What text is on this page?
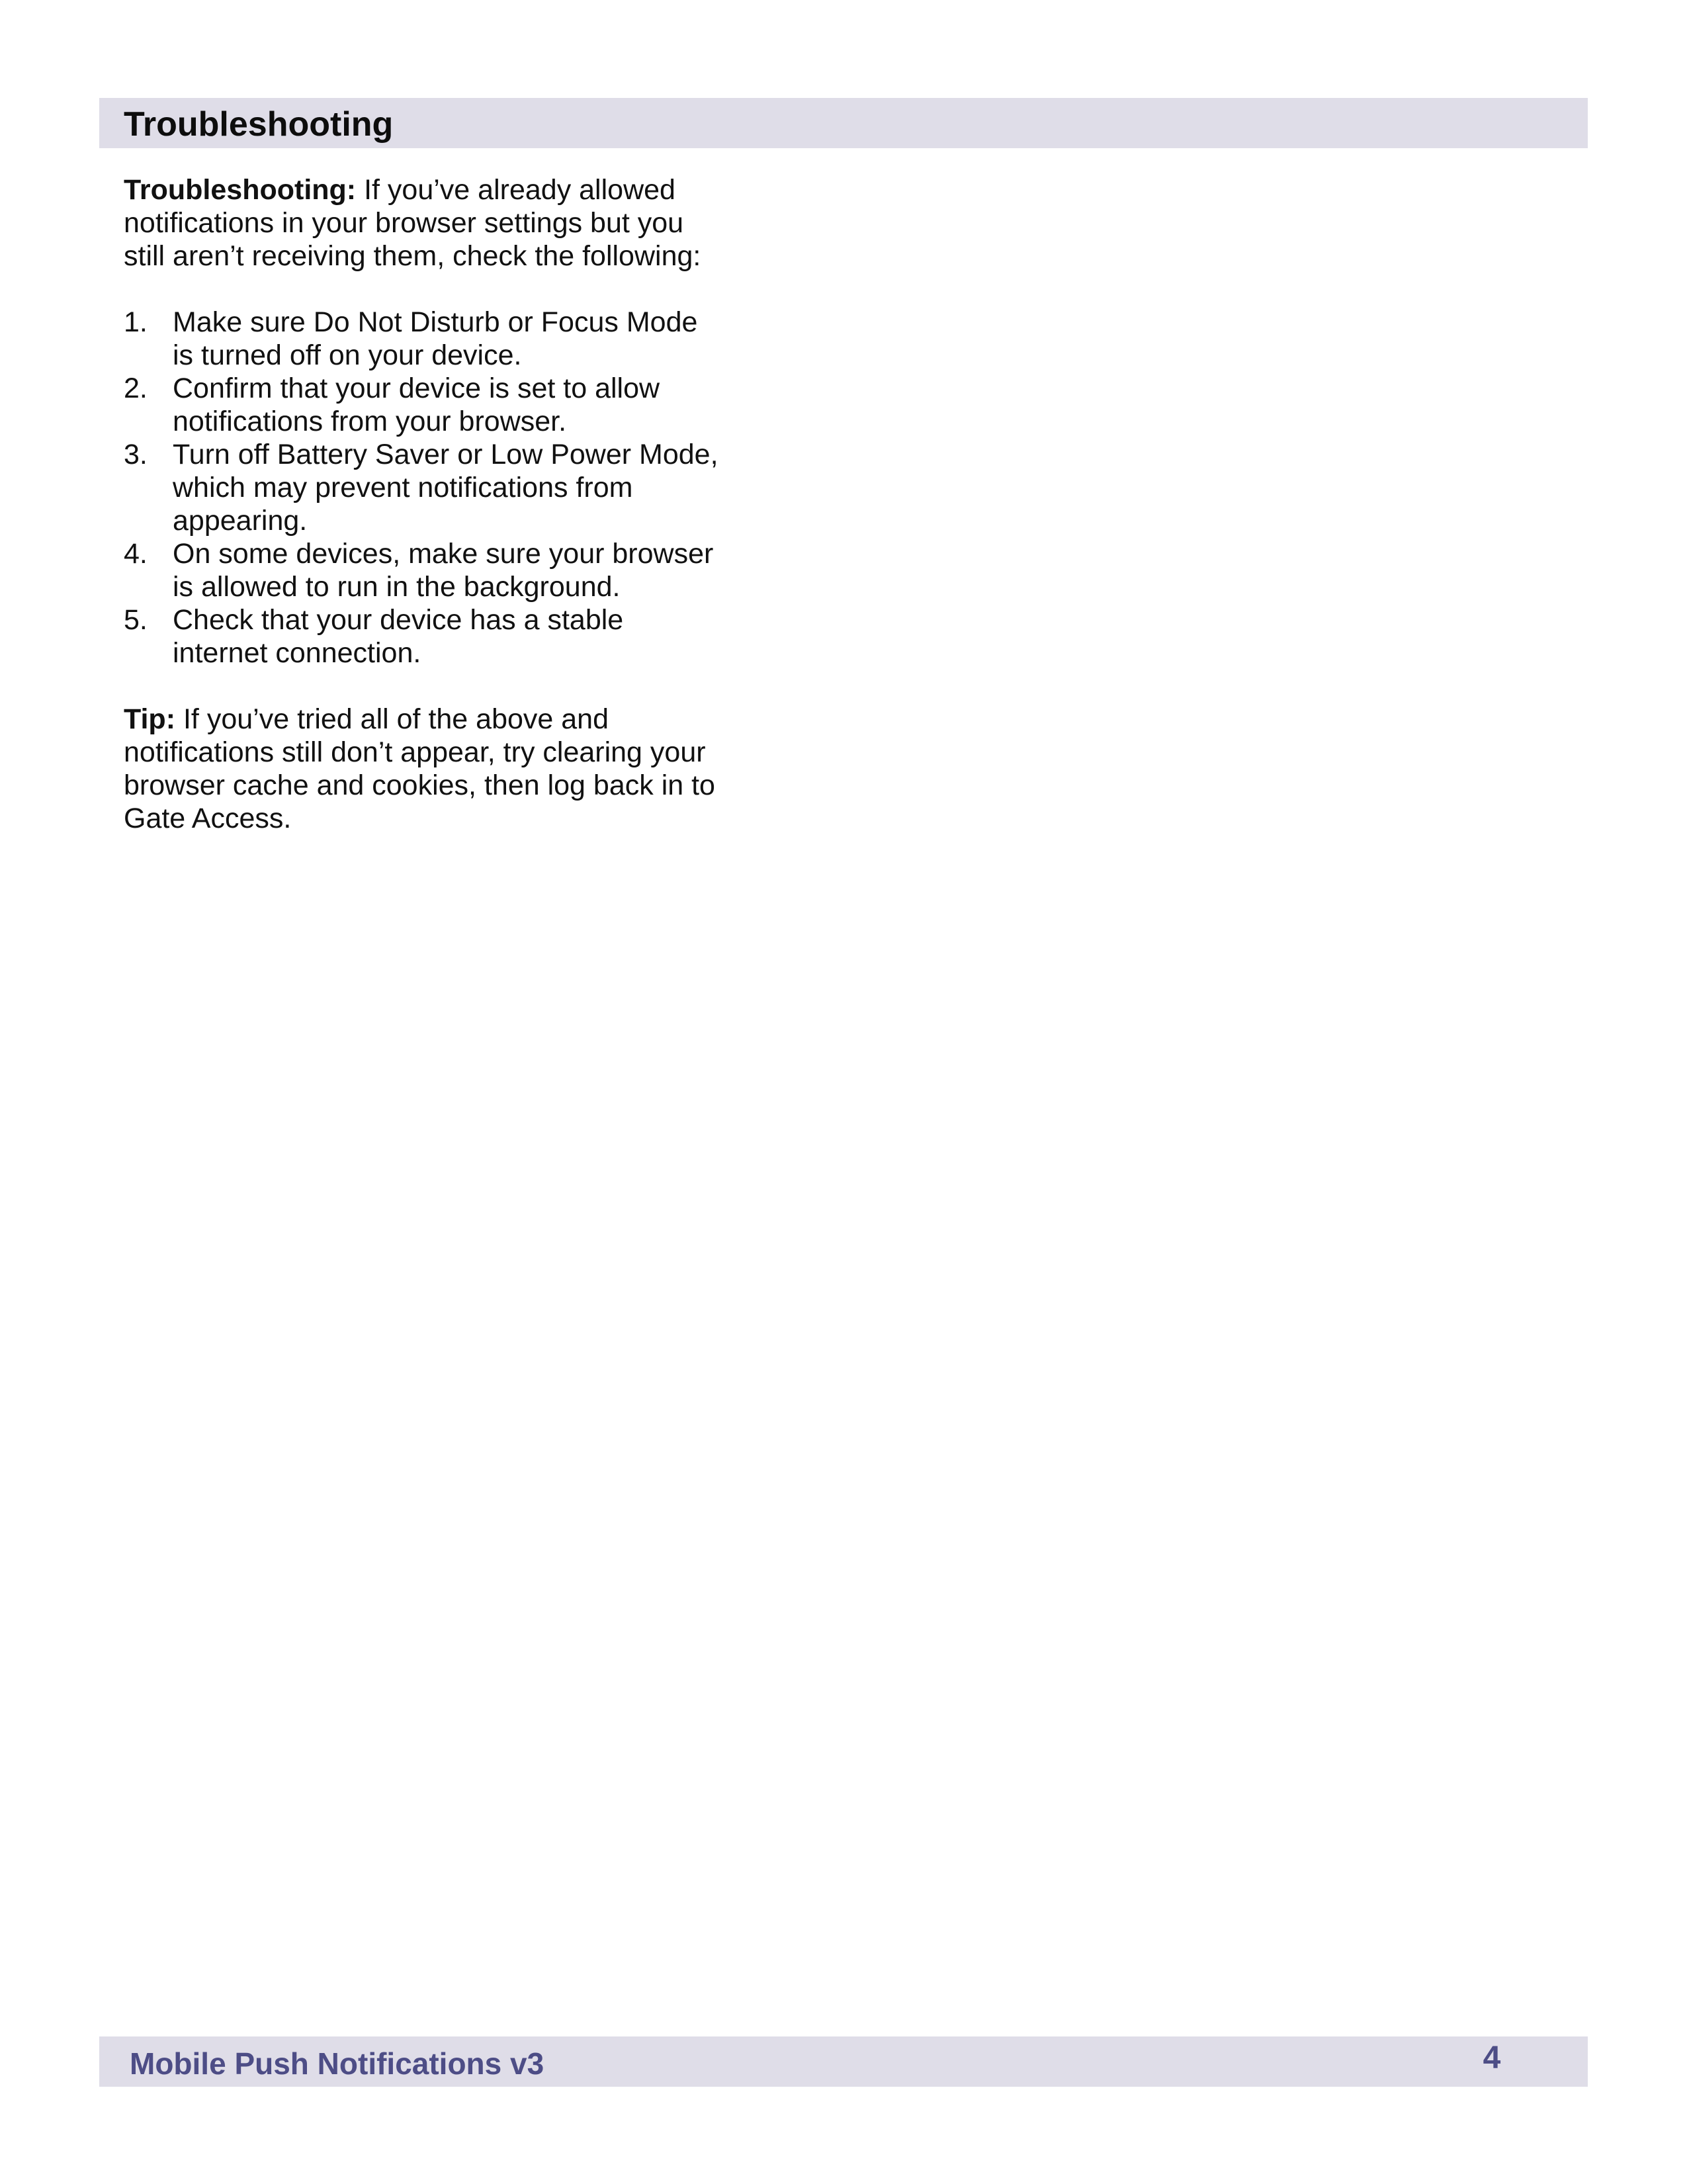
Troubleshooting

Troubleshooting: If you’ve already allowed notifications in your browser settings but you still aren’t receiving them, check the following:

1. Make sure Do Not Disturb or Focus Mode is turned off on your device.
2. Confirm that your device is set to allow notifications from your browser.
3. Turn off Battery Saver or Low Power Mode, which may prevent notifications from appearing.
4. On some devices, make sure your browser is allowed to run in the background.
5. Check that your device has a stable internet connection.

Tip: If you’ve tried all of the above and notifications still don’t appear, try clearing your browser cache and cookies, then log back in to Gate Access.

Mobile Push Notifications v3	4
